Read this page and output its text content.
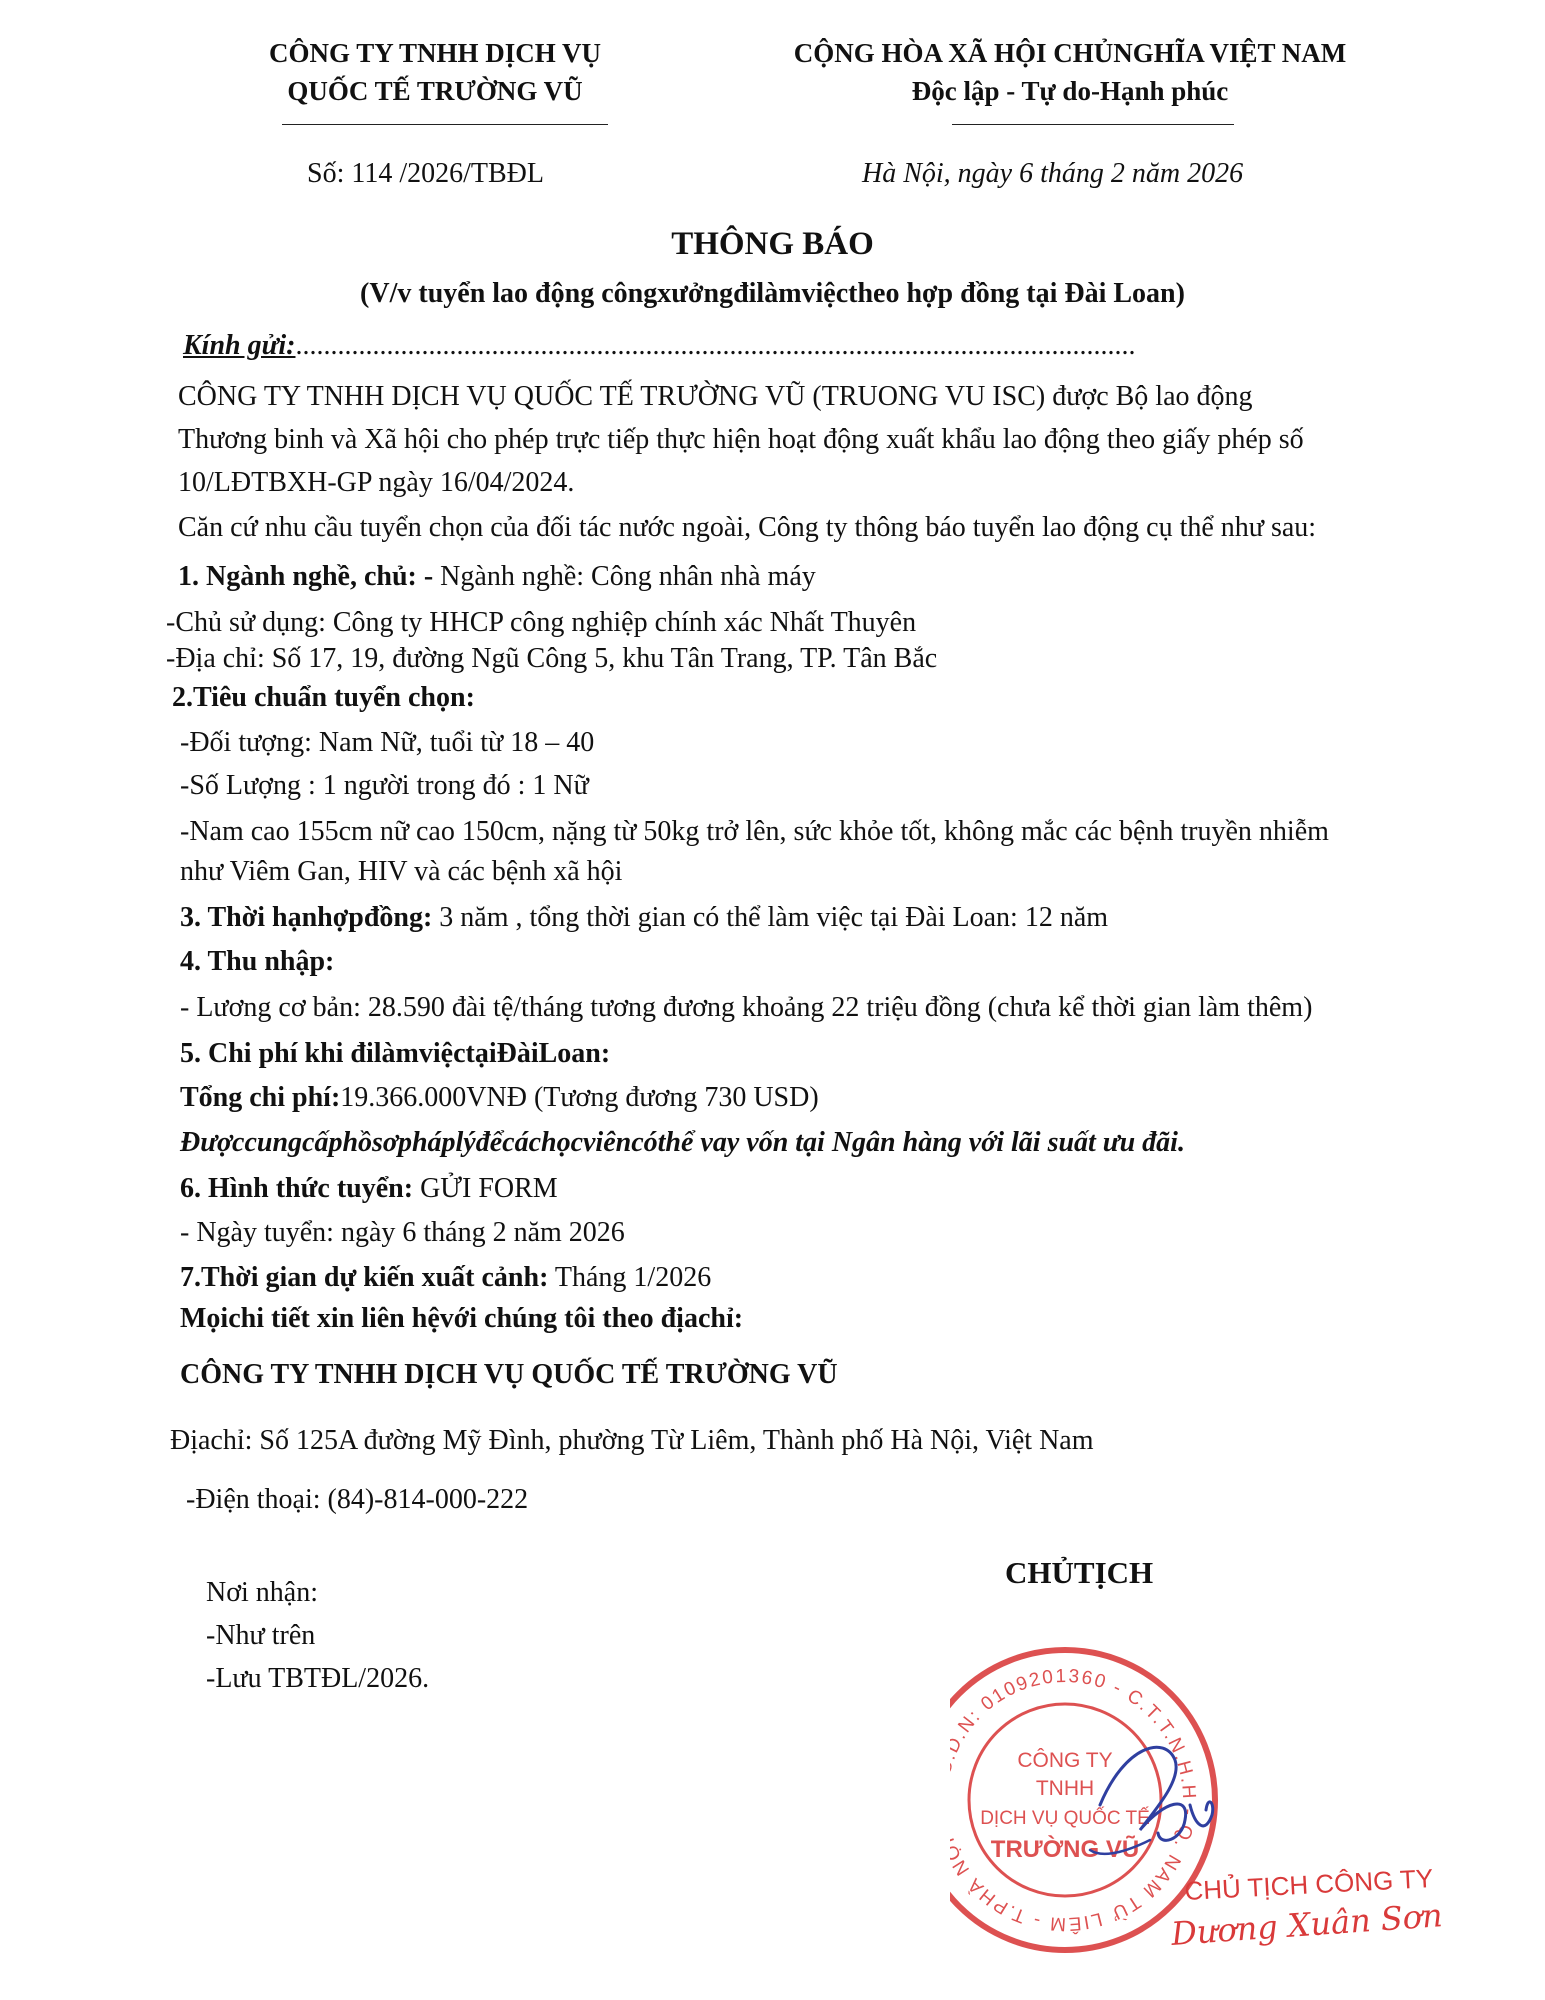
CÔNG TY TNHH DỊCH VỤ
QUỐC TẾ TRƯỜNG VŨ
CỘNG HÒA XÃ HỘI CHỦNGHĨA VIỆT NAM
Độc lập - Tự do-Hạnh phúc
Số: 114 /2026/TBĐL	Hà Nội, ngày 6 tháng 2 năm 2026
THÔNG BÁO
(V/v tuyển lao động côngxưởngđilàmviệctheo hợp đồng tại Đài Loan)
Kính gửi:........................................................................................................................
CÔNG TY TNHH DỊCH VỤ QUỐC TẾ TRƯỜNG VŨ (TRUONG VU ISC) được Bộ lao động
Thương binh và Xã hội cho phép trực tiếp thực hiện hoạt động xuất khẩu lao động theo giấy phép số
10/LĐTBXH-GP ngày 16/04/2024.
Căn cứ nhu cầu tuyển chọn của đối tác nước ngoài, Công ty thông báo tuyển lao động cụ thể như sau:
1. Ngành nghề, chủ: - Ngành nghề: Công nhân nhà máy
-Chủ sử dụng: Công ty HHCP công nghiệp chính xác Nhất Thuyên
-Địa chỉ: Số 17, 19, đường Ngũ Công 5, khu Tân Trang, TP. Tân Bắc
2.Tiêu chuẩn tuyển chọn:
-Đối tượng: Nam Nữ, tuổi từ 18 – 40
-Số Lượng : 1 người trong đó : 1 Nữ
-Nam cao 155cm nữ cao 150cm, nặng từ 50kg trở lên, sức khỏe tốt, không mắc các bệnh truyền nhiễm
như Viêm Gan, HIV và các bệnh xã hội
3. Thời hạnhợpđồng: 3 năm , tổng thời gian có thể làm việc tại Đài Loan: 12 năm
4. Thu nhập:
- Lương cơ bản: 28.590 đài tệ/tháng tương đương khoảng 22 triệu đồng (chưa kể thời gian làm thêm)
5. Chi phí khi đilàmviệctạiĐàiLoan:
Tổng chi phí:19.366.000VNĐ (Tương đương 730 USD)
Đượccungcấphồsơpháplýđểcáchọcviêncóthể vay vốn tại Ngân hàng với lãi suất ưu đãi.
6. Hình thức tuyển: GỬI FORM
- Ngày tuyển: ngày 6 tháng 2 năm 2026
7.Thời gian dự kiến xuất cảnh: Tháng 1/2026
Mọichi tiết xin liên hệvới chúng tôi theo địachỉ:
CÔNG TY TNHH DỊCH VỤ QUỐC TẾ TRƯỜNG VŨ
Địachỉ: Số 125A đường Mỹ Đình, phường Từ Liêm, Thành phố Hà Nội, Việt Nam
-Điện thoại: (84)-814-000-222
Nơi nhận:
-Như trên
-Lưu TBTĐL/2026.
CHỦTỊCH
.N: 0109201360 - C.T.T.N.H.H - Q. NAM TỪ LIÊM - T.PHÀ N
CÔNG TY
TNHH
DỊCH VỤ QUỐC TẾ
TRƯỜNG VŨ
CHỦ TỊCH CÔNG TY
Dương Xuân Sơn
